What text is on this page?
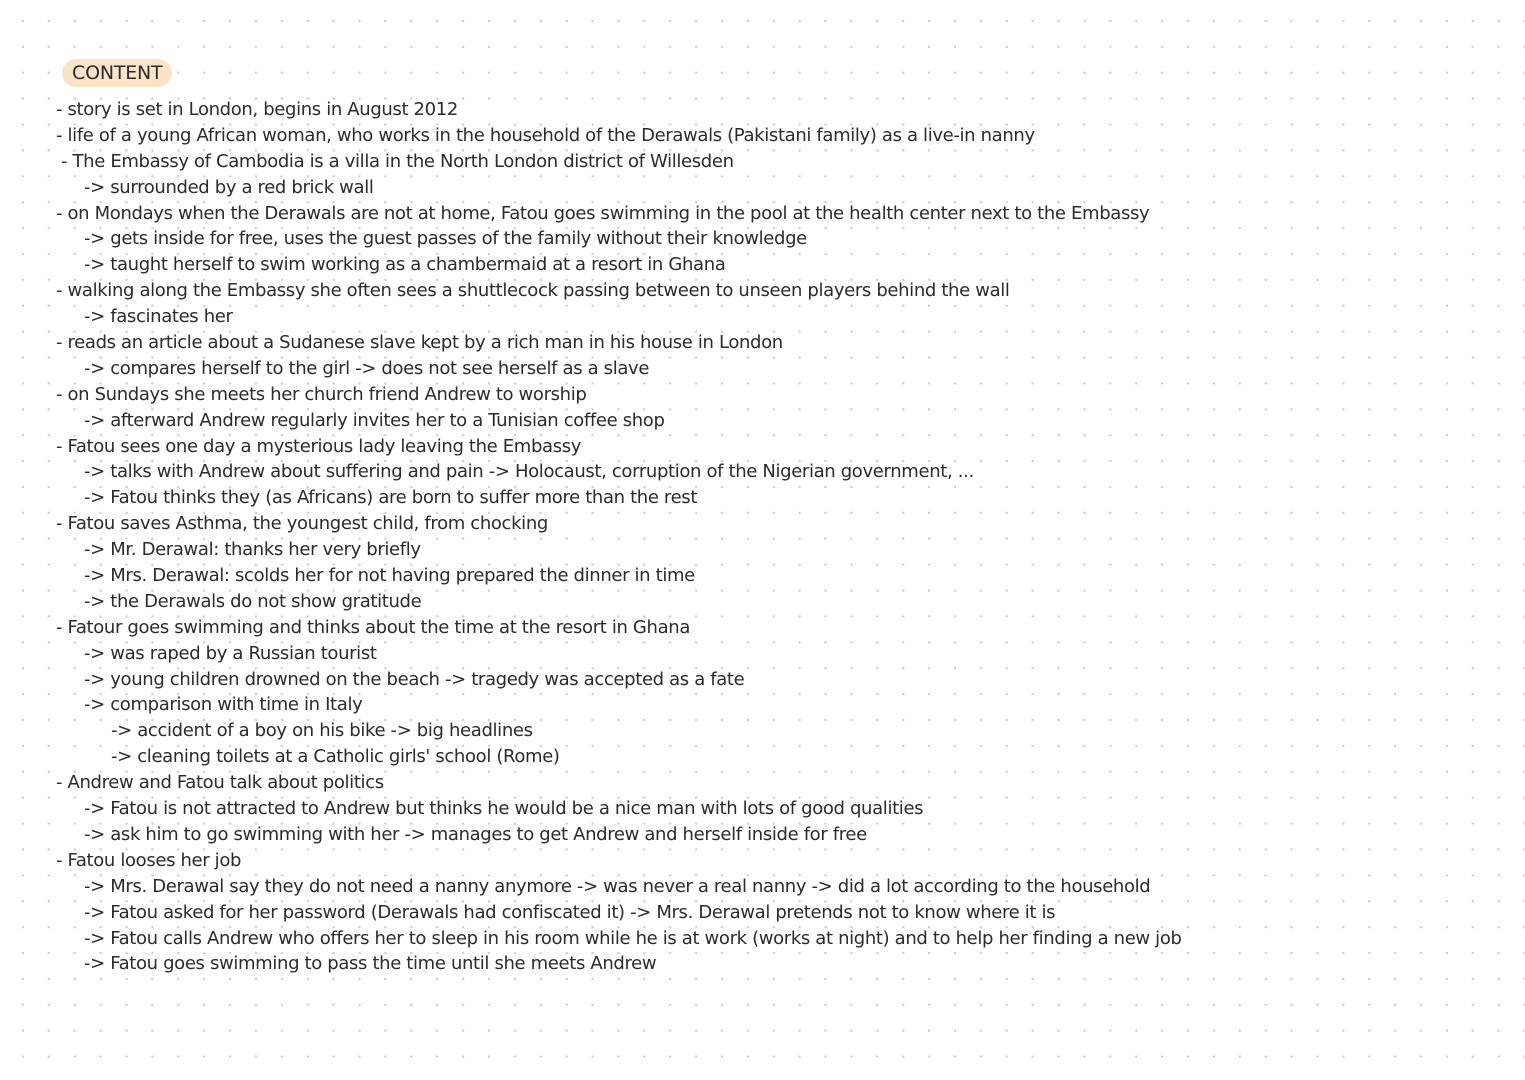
CONTENT
- story is set in London, begins in August 2012
- life of a young African woman, who works in the household of the Derawals (Pakistani family) as a live-in nanny
- The Embassy of Cambodia is a villa in the North London district of Willesden
-> surrounded by a red brick wall
- on Mondays when the Derawals are not at home, Fatou goes swimming in the pool at the health center next to the Embassy
-> gets inside for free, uses the guest passes of the family without their knowledge
-> taught herself to swim working as a chambermaid at a resort in Ghana
- walking along the Embassy she often sees a shuttlecock passing between to unseen players behind the wall
-> fascinates her
- reads an article about a Sudanese slave kept by a rich man in his house in London
-> compares herself to the girl -> does not see herself as a slave
- on Sundays she meets her church friend Andrew to worship
-> afterward Andrew regularly invites her to a Tunisian coffee shop
- Fatou sees one day a mysterious lady leaving the Embassy
-> talks with Andrew about suffering and pain -> Holocaust, corruption of the Nigerian government, ...
-> Fatou thinks they (as Africans) are born to suffer more than the rest
- Fatou saves Asthma, the youngest child, from chocking
-> Mr. Derawal: thanks her very briefly
-> Mrs. Derawal: scolds her for not having prepared the dinner in time
-> the Derawals do not show gratitude
- Fatour goes swimming and thinks about the time at the resort in Ghana
-> was raped by a Russian tourist
-> young children drowned on the beach -> tragedy was accepted as a fate
-> comparison with time in Italy
-> accident of a boy on his bike -> big headlines
-> cleaning toilets at a Catholic girls' school (Rome)
- Andrew and Fatou talk about politics
-> Fatou is not attracted to Andrew but thinks he would be a nice man with lots of good qualities
-> ask him to go swimming with her -> manages to get Andrew and herself inside for free
- Fatou looses her job
-> Mrs. Derawal say they do not need a nanny anymore -> was never a real nanny -> did a lot according to the household
-> Fatou asked for her password (Derawals had confiscated it) -> Mrs. Derawal pretends not to know where it is
-> Fatou calls Andrew who offers her to sleep in his room while he is at work (works at night) and to help her finding a new job
-> Fatou goes swimming to pass the time until she meets Andrew
